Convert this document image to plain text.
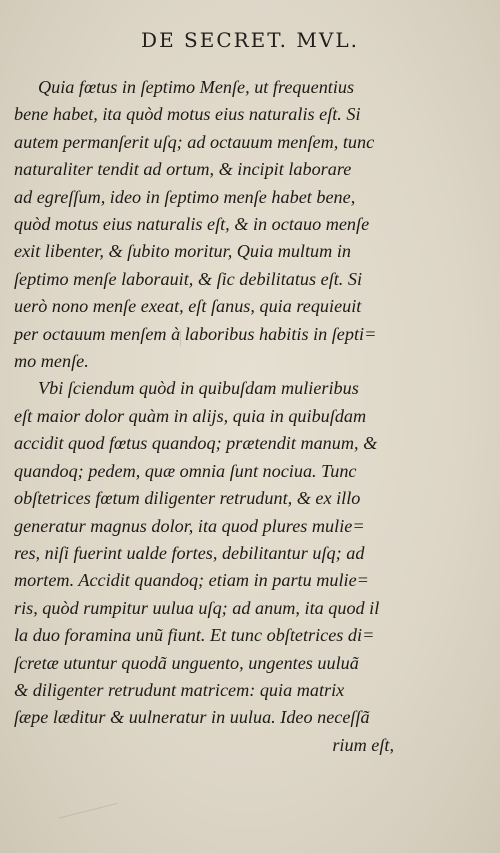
DE SECRET. MVL.
Quia fœtus in ſeptimo Menſe, ut frequentius
bene habet, ita quòd motus eius naturalis eſt. Si
autem permanſerit uſq; ad octauum menſem, tunc
naturaliter tendit ad ortum, & incipit laborare
ad egreſſum, ideo in ſeptimo menſe habet bene,
quòd motus eius naturalis eſt, & in octauo menſe
exit libenter, & ſubito moritur, Quia multum in
ſeptimo menſe laborauit, & ſic debilitatus eſt. Si
uerò nono menſe exeat, eſt ſanus, quia requieuit
per octauum menſem à laboribus habitis in ſepti=
mo menſe.
Vbi ſciendum quòd in quibuſdam mulieribus
eſt maior dolor quàm in alijs, quia in quibuſdam
accidit quod fœtus quandoq; prætendit manum, &
quandoq; pedem, quæ omnia ſunt nociua. Tunc
obſtetrices fœtum diligenter retrudunt, & ex illo
generatur magnus dolor, ita quod plures mulie=
res, niſi fuerint ualde fortes, debilitantur uſq; ad
mortem. Accidit quandoq; etiam in partu mulie=
ris, quòd rumpitur uulua uſq; ad anum, ita quod il
la duo foramina unũ fiunt. Et tunc obſtetrices di=
ſcretæ utuntur quodã unguento, ungentes uuluã
& diligenter retrudunt matricem: quia matrix
ſæpe læditur & uulneratur in uulua. Ideo neceſſã
rium eſt,
